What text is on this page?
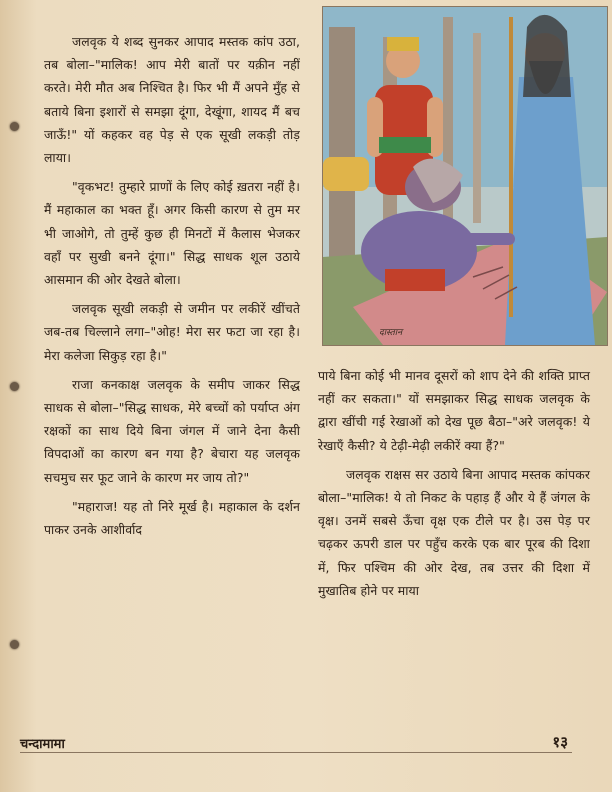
दास्तान

जलवृक ये शब्द सुनकर आपाद मस्तक कांप उठा, तब बोला–"मालिक! आप मेरी बातों पर यक़ीन नहीं करते। मेरी मौत अब निश्चित है। फिर भी मैं अपने मुँह से बताये बिना इशारों से समझा दूंगा, देखूंगा, शायद मैं बच जाऊँ!" यों कहकर वह पेड़ से एक सूखी लकड़ी तोड़ लाया।

"वृकभट! तुम्हारे प्राणों के लिए कोई ख़तरा नहीं है। मैं महाकाल का भक्त हूँ। अगर किसी कारण से तुम मर भी जाओगे, तो तुम्हें कुछ ही मिनटों में कैलास भेजकर वहाँ पर सुखी बनने दूंगा।" सिद्ध साधक शूल उठाये आसमान की ओर देखते बोला।

जलवृक सूखी लकड़ी से जमीन पर लकीरें खींचते जब-तब चिल्लाने लगा–"ओह! मेरा सर फटा जा रहा है। मेरा कलेजा सिकुड़ रहा है।"

राजा कनकाक्ष जलवृक के समीप जाकर सिद्ध साधक से बोला–"सिद्ध साधक, मेरे बच्चों को पर्याप्त अंग रक्षकों का साथ दिये बिना जंगल में जाने देना कैसी विपदाओं का कारण बन गया है? बेचारा यह जलवृक सचमुच सर फूट जाने के कारण मर जाय तो?"

"महाराज! यह तो निरे मूर्ख है। महाकाल के दर्शन पाकर उनके आशीर्वाद

पाये बिना कोई भी मानव दूसरों को शाप देने की शक्ति प्राप्त नहीं कर सकता।" यों समझाकर सिद्ध साधक जलवृक के द्वारा खींची गई रेखाओं को देख पूछ बैठा–"अरे जलवृक! ये रेखाएँ कैसी? ये टेढ़ी-मेढ़ी लकीरें क्या हैं?"

जलवृक राक्षस सर उठाये बिना आपाद मस्तक कांपकर बोला–"मालिक! ये तो निकट के पहाड़ हैं और ये हैं जंगल के वृक्ष। उनमें सबसे ऊँचा वृक्ष एक टीले पर है। उस पेड़ पर चढ़कर ऊपरी डाल पर पहुँच करके एक बार पूरब की दिशा में, फिर पश्चिम की ओर देख, तब उत्तर की दिशा में मुखातिब होने पर माया

चन्दामामा	१३
